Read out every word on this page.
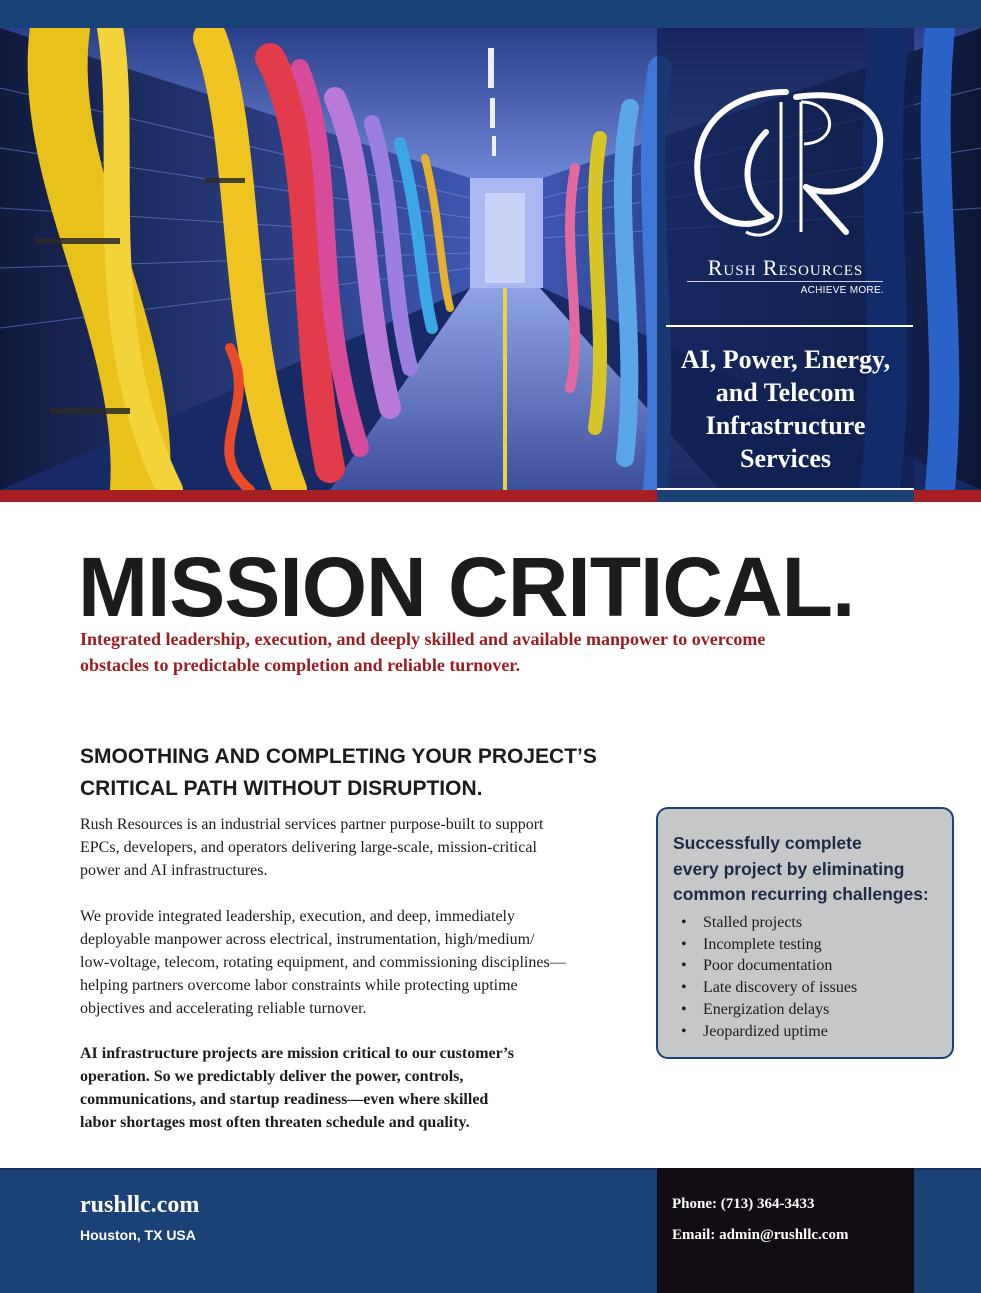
Rush Resources
ACHIEVE MORE.
AI, Power, Energy,
and Telecom
Infrastructure
Services
MISSION CRITICAL.
Integrated leadership, execution, and deeply skilled and available manpower to overcome
obstacles to predictable completion and reliable turnover.
SMOOTHING AND COMPLETING YOUR PROJECT’S
CRITICAL PATH WITHOUT DISRUPTION.
Rush Resources is an industrial services partner purpose-built to support
EPCs, developers, and operators delivering large-scale, mission-critical
power and AI infrastructures.
We provide integrated leadership, execution, and deep, immediately
deployable manpower across electrical, instrumentation, high/medium/
low-voltage, telecom, rotating equipment, and commissioning disciplines—
helping partners overcome labor constraints while protecting uptime
objectives and accelerating reliable turnover.
AI infrastructure projects are mission critical to our customer’s
operation. So we predictably deliver the power, controls,
communications, and startup readiness—even where skilled
labor shortages most often threaten schedule and quality.
Successfully complete
every project by eliminating
common recurring challenges:
• Stalled projects
• Incomplete testing
• Poor documentation
• Late discovery of issues
• Energization delays
• Jeopardized uptime
rushllc.com
Houston, TX USA
Phone: (713) 364-3433
Email: admin@rushllc.com
